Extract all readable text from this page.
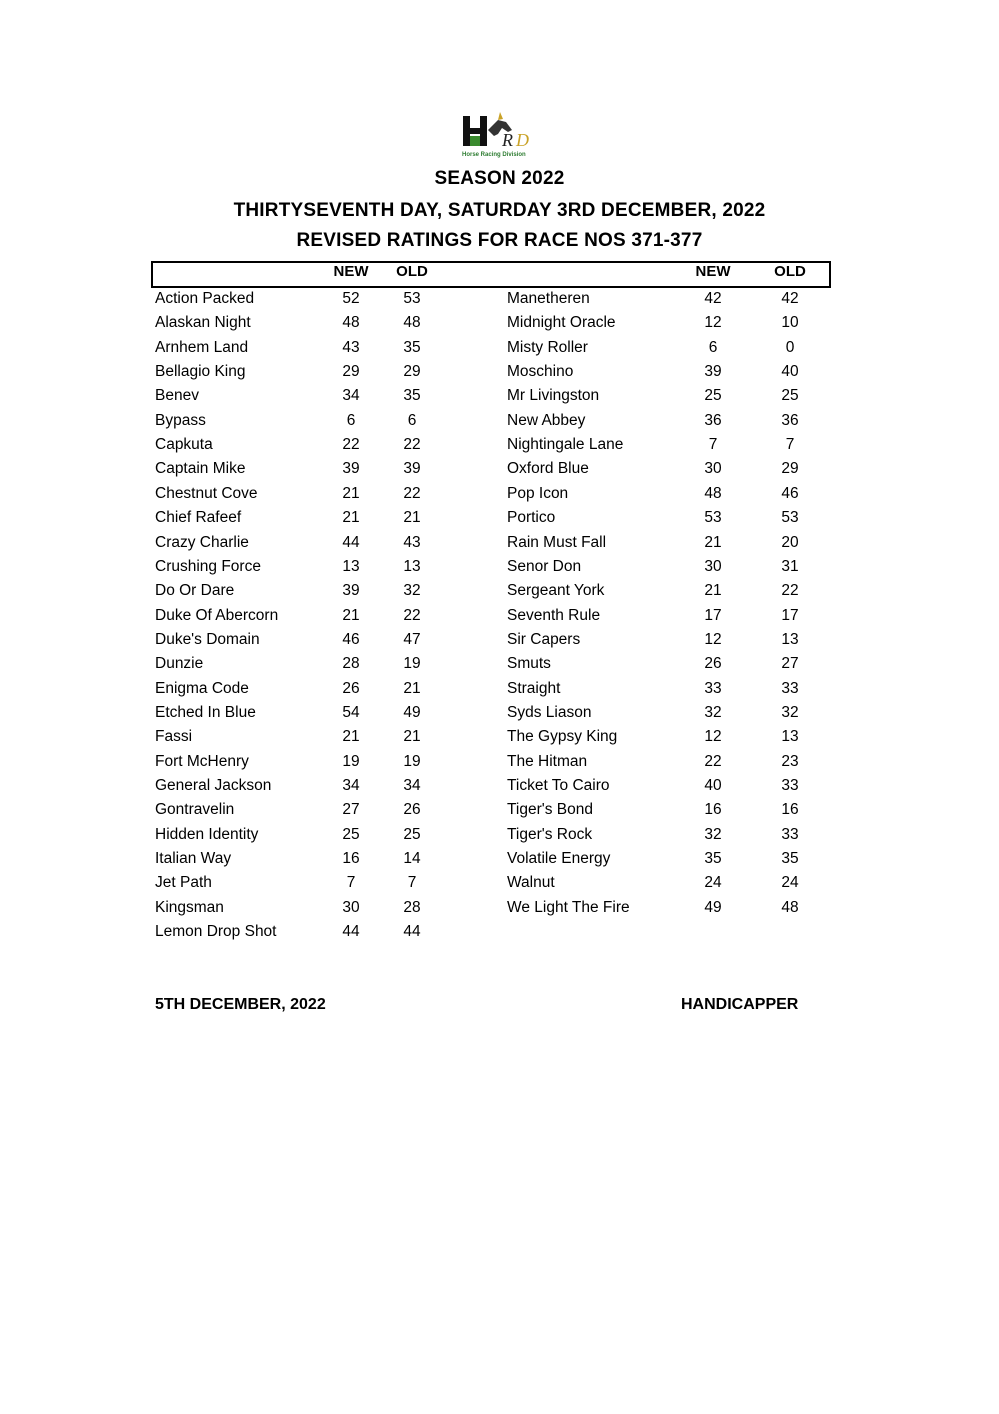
R D
Horse Racing Division
SEASON 2022
THIRTYSEVENTH DAY, SATURDAY 3RD DECEMBER, 2022
REVISED RATINGS FOR RACE NOS 371-377
NEW	OLD	NEW	OLD
Action Packed	52	53
Alaskan Night	48	48
Arnhem Land	43	35
Bellagio King	29	29
Benev	34	35
Bypass	6	6
Capkuta	22	22
Captain Mike	39	39
Chestnut Cove	21	22
Chief Rafeef	21	21
Crazy Charlie	44	43
Crushing Force	13	13
Do Or Dare	39	32
Duke Of Abercorn	21	22
Duke's Domain	46	47
Dunzie	28	19
Enigma Code	26	21
Etched In Blue	54	49
Fassi	21	21
Fort McHenry	19	19
General Jackson	34	34
Gontravelin	27	26
Hidden Identity	25	25
Italian Way	16	14
Jet Path	7	7
Kingsman	30	28
Lemon Drop Shot	44	44
Manetheren	42	42
Midnight Oracle	12	10
Misty Roller	6	0
Moschino	39	40
Mr Livingston	25	25
New Abbey	36	36
Nightingale Lane	7	7
Oxford Blue	30	29
Pop Icon	48	46
Portico	53	53
Rain Must Fall	21	20
Senor Don	30	31
Sergeant York	21	22
Seventh Rule	17	17
Sir Capers	12	13
Smuts	26	27
Straight	33	33
Syds Liason	32	32
The Gypsy King	12	13
The Hitman	22	23
Ticket To Cairo	40	33
Tiger's Bond	16	16
Tiger's Rock	32	33
Volatile Energy	35	35
Walnut	24	24
We Light The Fire	49	48
5TH DECEMBER, 2022	HANDICAPPER
